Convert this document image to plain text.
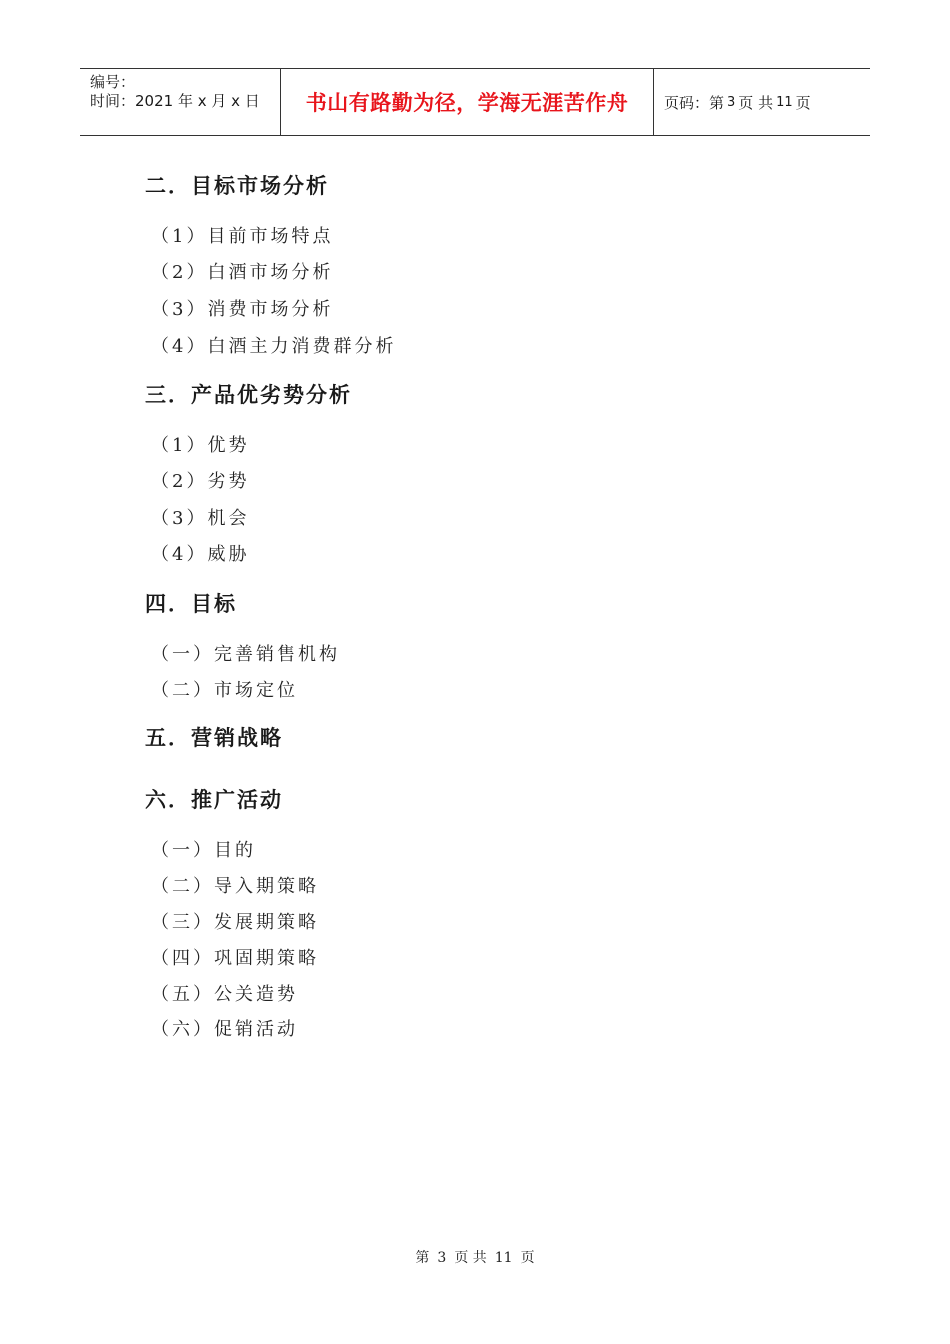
编号：
时间：2021 年 x 月 x 日	书山有路勤为径，学海无涯苦作舟 页码：第 3 页 共 11 页
二．目标市场分析
（1）目前市场特点
（2）白酒市场分析
（3）消费市场分析
（4）白酒主力消费群分析
三．产品优劣势分析
（1）优势
（2）劣势
（3）机会
（4）威胁
四．目标
（一）完善销售机构
（二）市场定位
五．营销战略
六．推广活动
（一）目的
（二）导入期策略
（三）发展期策略
（四）巩固期策略
（五）公关造势
（六）促销活动
第 3 页 共 11 页
